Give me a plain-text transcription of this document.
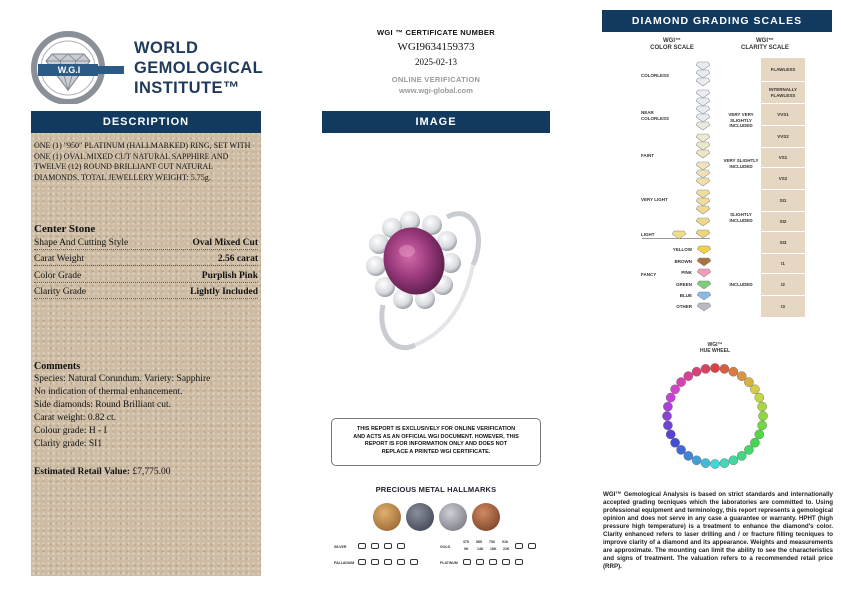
W.G.I
WORLD
GEMOLOGICAL
INSTITUTE™
DESCRIPTION
ONE (1) "950" PLATINUM (HALLMARKED) RING, SET WITH ONE (1) OVAL MIXED CUT NATURAL SAPPHIRE AND TWELVE (12) ROUND BRILLIANT CUT NATURAL DIAMONDS. TOTAL JEWELLERY WEIGHT: 5.75g.
Center Stone
Shape And Cutting Style	Oval Mixed Cut
Carat Weight	2.56 carat
Color Grade	Purplish Pink
Clarity Grade	Lightly Included
Comments
Species: Natural Corundum. Variety: Sapphire
No indication of thermal enhancement.
Side diamonds: Round Brilliant cut.
Carat weight: 0.82 ct.
Colour grade: H - I
Clarity grade: SI1
Estimated Retail Value: £7,775.00
WGI ™ CERTIFICATE NUMBER
WGI9634159373
2025-02-13
ONLINE VERIFICATION
www.wgi-global.com
IMAGE
THIS REPORT IS EXCLUSIVELY FOR ONLINE VERIFICATION AND ACTS AS AN OFFICIAL WGI DOCUMENT. HOWEVER, THIS REPORT IS FOR INFORMATION ONLY AND DOES NOT REPLACE A PRINTED WGI CERTIFICATE.
PRECIOUS METAL HALLMARKS
SILVER
PALLADIUM
GOLD
PLATINUM
375 585 750 916
9K 14K 18K 22K
DIAMOND GRADING SCALES
WGI™
COLOR SCALE
WGI™
CLARITY SCALE
COLORLESS
NEAR COLORLESS
FAINT
VERY LIGHT
LIGHT
FANCY
YELLOW
BROWN
PINK
GREEN
BLUE
OTHER
FLAWLESS
INTERNALLY FLAWLESS
VVS1
VVS2
VS1
VS2
SI1
SI2
SI3
I1
I2
I3
VERY VERY SLIGHTLY INCLUDED
VERY SLIGHTLY INCLUDED
SLIGHTLY INCLUDED
INCLUDED
WGI™
HUE WHEEL
WGI™ Gemological Analysis is based on strict standards and internationally accepted grading tecniques which the laboratories are committed to. Using professional equipment and terminology, this report represents a gemological opinion and does not serve in any case a guarantee or warranty. HPHT (high pressure high temperature) is a treatment to enhance the diamond's color. Clarity enhanced refers to laser drilling and / or fracture filling tecniques to improve clarity of a diamond and its appearance. Weights and measurements are approximate. The mounting can limit the ability to see the characteristics and signs of treatment. The valuation refers to a recommended retail price (RRP).
